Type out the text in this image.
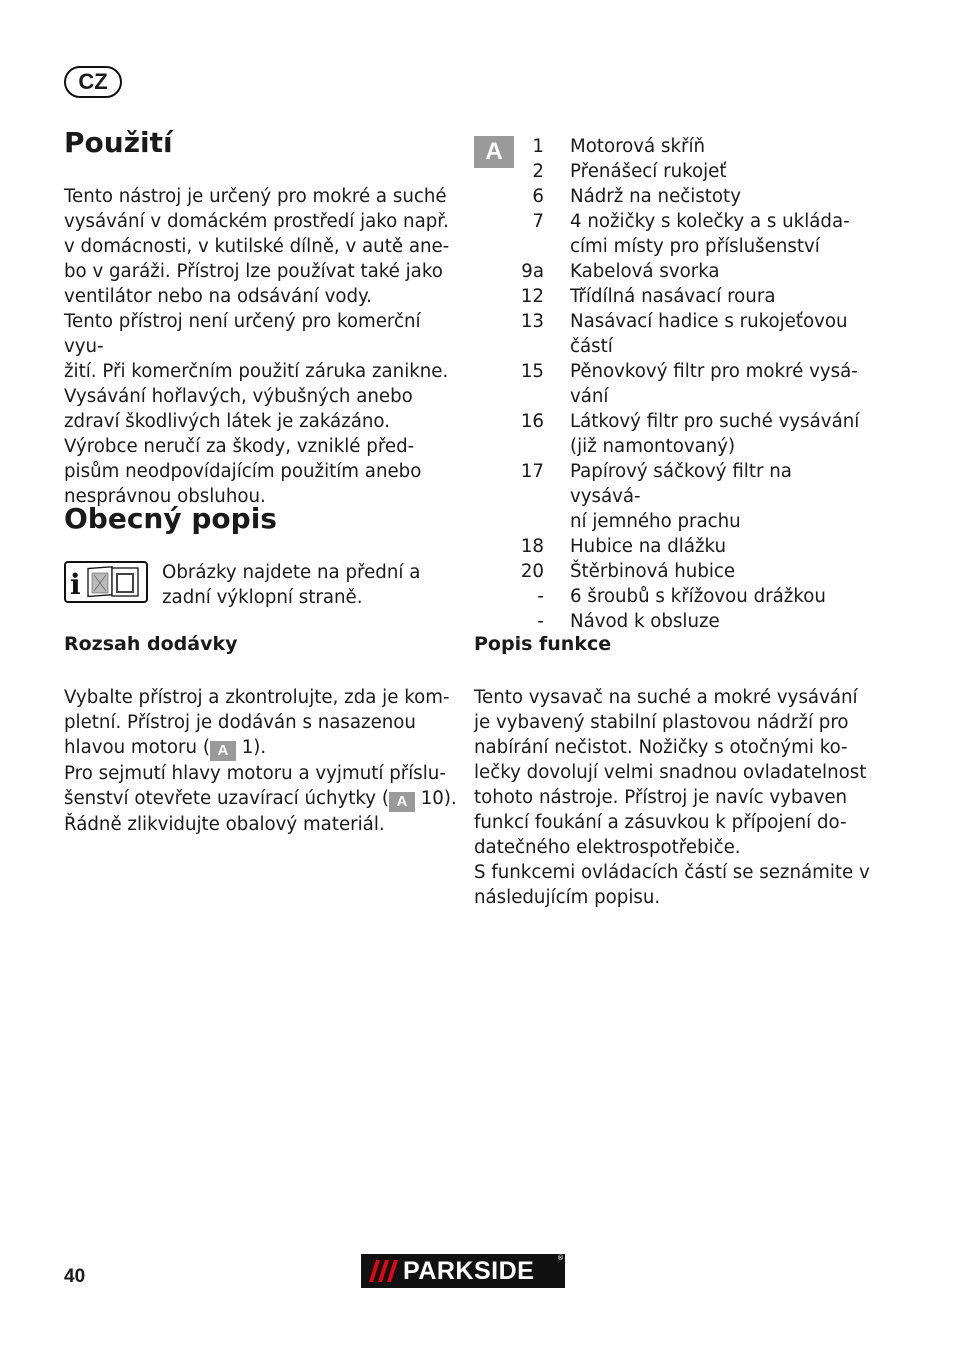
CZ
Použití

Tento nástroj je určený pro mokré a suché

vysávání v domáckém prostředí jako např.

v domácnosti, v kutilské dílně, v autě ane-

bo v garáži. Přístroj lze používat také jako

ventilátor nebo na odsávání vody.

Tento přístroj není určený pro komerční vyu-

žití. Při komerčním použití záruka zanikne.

Vysávání hořlavých, výbušných anebo

zdraví škodlivých látek je zakázáno.

Výrobce neručí za škody, vzniklé před-

pisům neodpovídajícím použitím anebo

nesprávnou obsluhou.

Obecný popis
i	Obrázky najdete na přední a

zadní výklopní straně.

Rozsah dodávky

Vybalte přístroj a zkontrolujte, zda je kom-

pletní. Přístroj je dodáván s nasazenou

hlavou motoru ( A 1).

Pro sejmutí hlavy motoru a vyjmutí příslu-

šenství otevřete uzavírací úchytky ( A 10).

Řádně zlikvidujte obalový materiál.

A	1 Motorová skříň
2 Přenášecí rukojeť
6 Nádrž na nečistoty
7 4 nožičky s kolečky a s ukláda-
cími místy pro příslušenství
9a Kabelová svorka
12 Třídílná nasávací roura
13 Nasávací hadice s rukojeťovou
částí
15 Pěnovkový filtr pro mokré vysá-
vání
16 Látkový filtr pro suché vysávání
(již namontovaný)
17 Papírový sáčkový filtr na vysává-
ní jemného prachu
18 Hubice na dlážku
20 Štěrbinová hubice
- 6 šroubů s křížovou drážkou
- Návod k obsluze
Popis funkce

Tento vysavač na suché a mokré vysávání

je vybavený stabilní plastovou nádrží pro

nabírání nečistot. Nožičky s otočnými ko-

lečky dovolují velmi snadnou ovladatelnost

tohoto nástroje. Přístroj je navíc vybaven

funkcí foukání a zásuvkou k přípojení do-

datečného elektrospotřebiče.

S funkcemi ovládacích částí se seznámite v

následujícím popisu.

40	PARKSIDE	®
